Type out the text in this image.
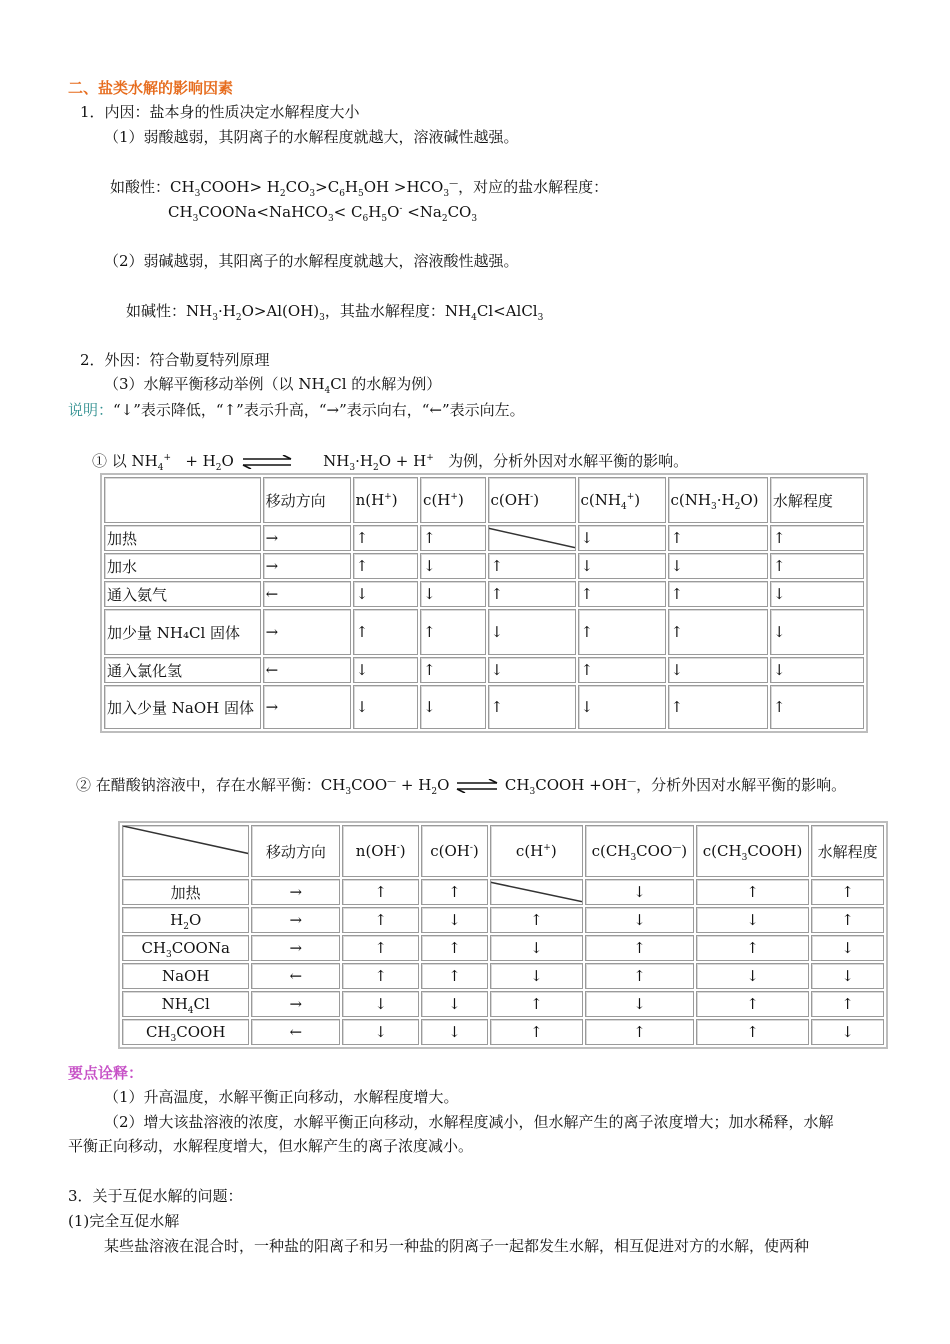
二、盐类水解的影响因素
1．内因：盐本身的性质决定水解程度大小
（1）弱酸越弱，其阴离子的水解程度就越大，溶液碱性越强。
如酸性：$CH_3COOH> H_2CO_3>C_6H_5OH >HCO_3^—$，对应的盐水解程度：
$CH_3COONa<NaHCO_3< C_6H_5O^- <Na_2CO_3$
（2）弱碱越弱，其阳离子的水解程度就越大，溶液酸性越强。
如碱性：$NH_3\cdot H_2O>Al(OH)_3$，其盐水解程度：$NH_4Cl<AlCl_3$
2．外因：符合勒夏特列原理
（3）水解平衡移动举例（以 $NH_4Cl$ 的水解为例）
说明：“↓”表示降低，“↑”表示升高，“→”表示向右，“←”表示向左。
① 以 $NH_4^+ + H_2O$ ⇌ $NH_3\cdot H_2O + H^+$   为例，分析外因对水解平衡的影响。
	移动方向	n(H+)	c(H+)	c(OH-)	$c(NH_4^+)$	$c(NH_3\cdot H_2O)$	水解程度
加热	→	↑	↑		↓	↑	↑
加水	→	↑	↓	↑	↓	↓	↑
通入氨气	←	↓	↓	↑	↑	↑	↓
加少量 NH₄Cl 固体	→	↑	↑	↓	↑	↑	↓
通入氯化氢	←	↓	↑	↓	↑	↓	↓
加入少量 NaOH 固体	→	↓	↓	↑	↓	↑	↑
② 在醋酸钠溶液中，存在水解平衡：$CH_3COO^— + H_2O$ ⇌ $CH_3COOH +OH^—$，分析外因对水解平衡的影响。
	移动方向	n(OH-)	c(OH-)	c(H+)	$c(CH_3COO^—)$	$c(CH_3COOH)$	水解程度
加热	→	↑	↑		↓	↑	↑
$H_2O$	→	↑	↓	↑	↓	↓	↑
$CH_3COONa$	→	↑	↑	↓	↑	↑	↓
NaOH	←	↑	↑	↓	↑	↓	↓
$NH_4Cl$	→	↓	↓	↑	↓	↑	↑
$CH_3COOH$	←	↓	↓	↑	↑	↑	↓
要点诠释：
（1）升高温度，水解平衡正向移动，水解程度增大。
（2）增大该盐溶液的浓度，水解平衡正向移动，水解程度减小，但水解产生的离子浓度增大；加水稀释，水解
平衡正向移动，水解程度增大，但水解产生的离子浓度减小。
3．关于互促水解的问题：
(1)完全互促水解
某些盐溶液在混合时，一种盐的阳离子和另一种盐的阴离子一起都发生水解，相互促进对方的水解，使两种
